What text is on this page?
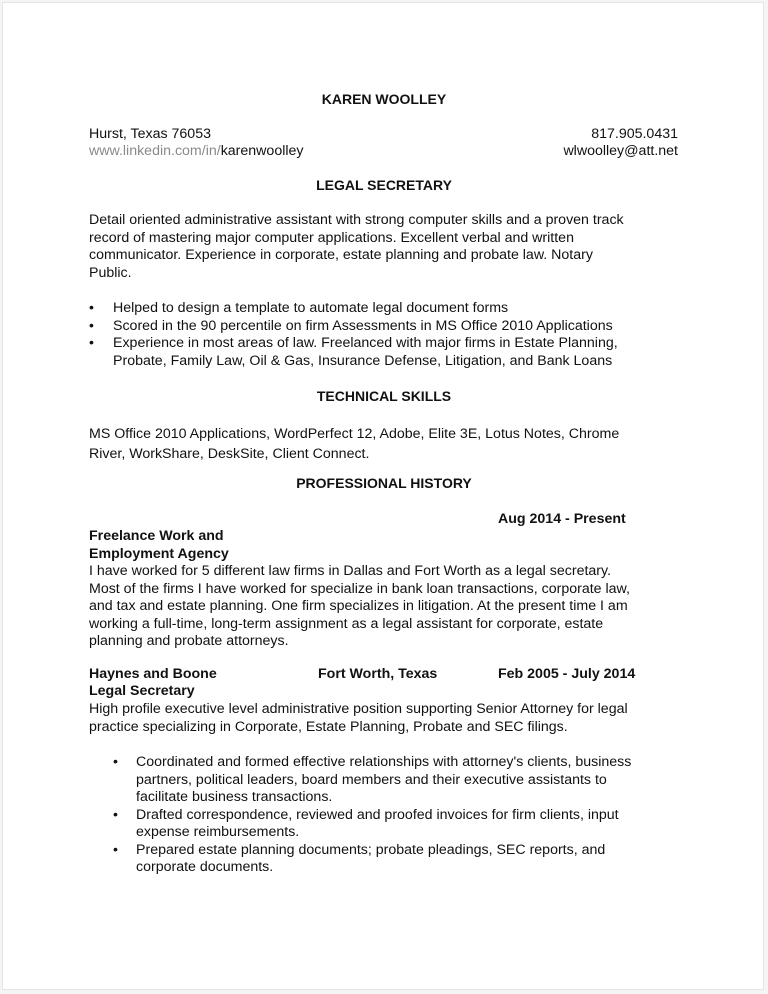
KAREN WOOLLEY
Hurst, Texas 76053	817.905.0431
www.linkedin.com/in/karenwoolley	wlwoolley@att.net
LEGAL SECRETARY
Detail oriented administrative assistant with strong computer skills and a proven track
record of mastering major computer applications. Excellent verbal and written
communicator. Experience in corporate, estate planning and probate law. Notary
Public.
• Helped to design a template to automate legal document forms
• Scored in the 90 percentile on firm Assessments in MS Office 2010 Applications
• Experience in most areas of law. Freelanced with major firms in Estate Planning,
Probate, Family Law, Oil & Gas, Insurance Defense, Litigation, and Bank Loans
TECHNICAL SKILLS
MS Office 2010 Applications, WordPerfect 12, Adobe, Elite 3E, Lotus Notes, Chrome
River, WorkShare, DeskSite, Client Connect.
PROFESSIONAL HISTORY
Aug 2014 - Present
Freelance Work and
Employment Agency
I have worked for 5 different law firms in Dallas and Fort Worth as a legal secretary.
Most of the firms I have worked for specialize in bank loan transactions, corporate law,
and tax and estate planning. One firm specializes in litigation. At the present time I am
working a full-time, long-term assignment as a legal assistant for corporate, estate
planning and probate attorneys.
Haynes and Boone	Fort Worth, Texas	Feb 2005 - July 2014
Legal Secretary
High profile executive level administrative position supporting Senior Attorney for legal
practice specializing in Corporate, Estate Planning, Probate and SEC filings.
• Coordinated and formed effective relationships with attorney's clients, business
partners, political leaders, board members and their executive assistants to
facilitate business transactions.
• Drafted correspondence, reviewed and proofed invoices for firm clients, input
expense reimbursements.
• Prepared estate planning documents; probate pleadings, SEC reports, and
corporate documents.
